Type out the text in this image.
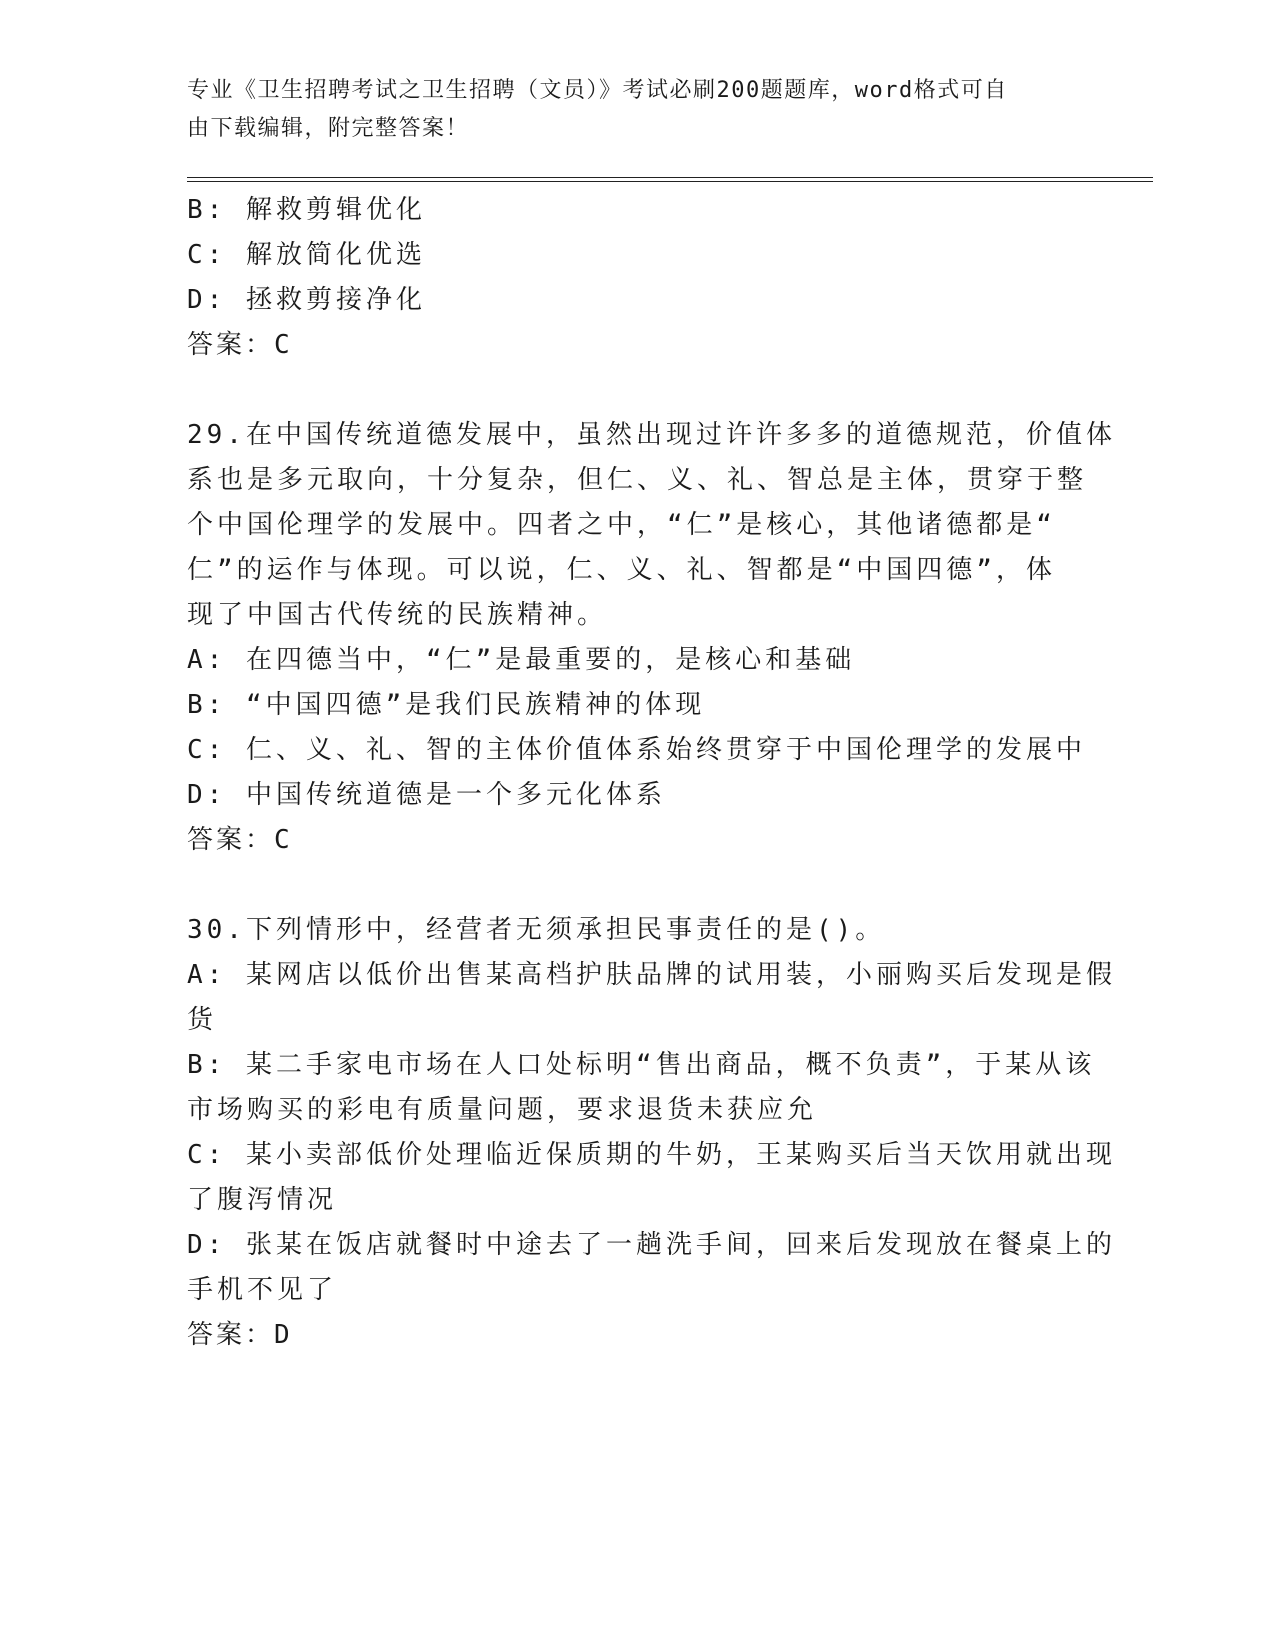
专业《卫生招聘考试之卫生招聘（文员）》考试必刷200题题库，word格式可自

由下载编辑，附完整答案！

B: 解救剪辑优化

C: 解放简化优选

D: 拯救剪接净化

答案：C

29.在中国传统道德发展中，虽然出现过许许多多的道德规范，价值体

系也是多元取向，十分复杂，但仁、义、礼、智总是主体，贯穿于整

个中国伦理学的发展中。四者之中，“仁”是核心，其他诸德都是“

仁”的运作与体现。可以说，仁、义、礼、智都是“中国四德”，体

现了中国古代传统的民族精神。

A: 在四德当中，“仁”是最重要的，是核心和基础

B: “中国四德”是我们民族精神的体现

C: 仁、义、礼、智的主体价值体系始终贯穿于中国伦理学的发展中

D: 中国传统道德是一个多元化体系

答案：C

30.下列情形中，经营者无须承担民事责任的是()。

A: 某网店以低价出售某高档护肤品牌的试用装，小丽购买后发现是假

货

B: 某二手家电市场在人口处标明“售出商品，概不负责”，于某从该

市场购买的彩电有质量问题，要求退货未获应允

C: 某小卖部低价处理临近保质期的牛奶，王某购买后当天饮用就出现

了腹泻情况

D: 张某在饭店就餐时中途去了一趟洗手间，回来后发现放在餐桌上的

手机不见了

答案：D
